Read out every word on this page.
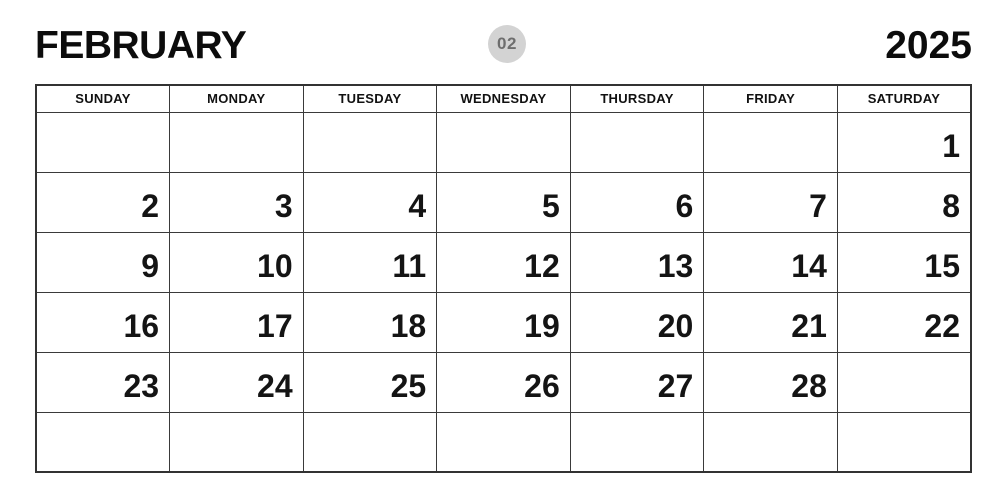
FEBRUARY	02	2025
SUNDAY	MONDAY	TUESDAY	WEDNESDAY	THURSDAY	FRIDAY	SATURDAY
						1
2	3	4	5	6	7	8
9	10	11	12	13	14	15
16	17	18	19	20	21	22
23	24	25	26	27	28	
